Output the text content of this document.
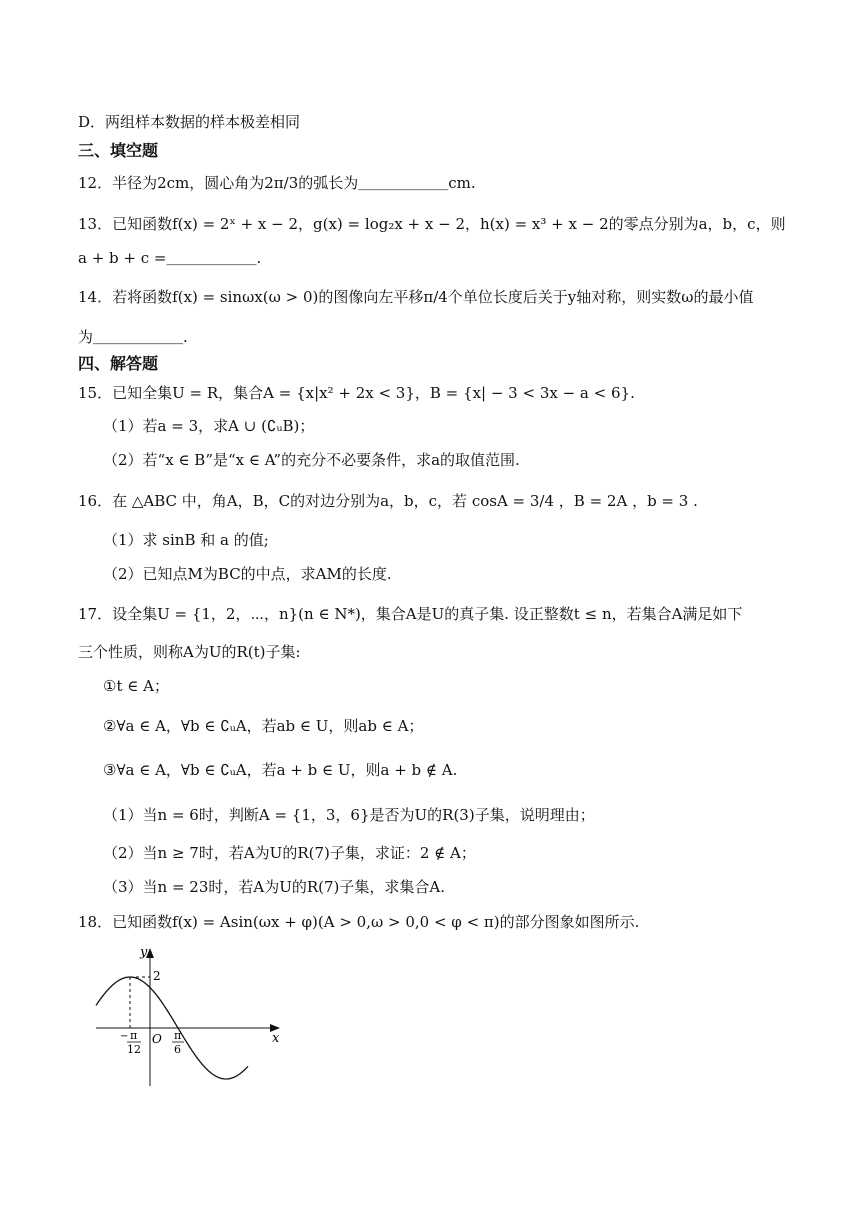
D．两组样本数据的样本极差相同
三、填空题
12．半径为2cm，圆心角为2π/3的弧长为＿＿＿＿＿＿cm.
13．已知函数f(x) = 2ˣ + x − 2，g(x) = log₂x + x − 2，h(x) = x³ + x − 2的零点分别为a，b，c，则
a + b + c =＿＿＿＿＿＿.
14．若将函数f(x) = sinωx(ω > 0)的图像向左平移π/4个单位长度后关于y轴对称，则实数ω的最小值
为＿＿＿＿＿＿.
四、解答题
15．已知全集U = R，集合A = {x|x² + 2x < 3}，B = {x| − 3 < 3x − a < 6}.
（1）若a = 3，求A ∪ (∁ᵤB)；
（2）若“x ∈ B”是“x ∈ A”的充分不必要条件，求a的取值范围.
16．在 △ABC 中，角A，B，C的对边分别为a，b，c，若 cosA = 3/4 ，B = 2A ，b = 3 .
（1）求 sinB 和 a 的值;
（2）已知点M为BC的中点，求AM的长度.
17．设全集U = {1，2，⋯，n}(n ∈ N*)，集合A是U的真子集. 设正整数t ≤ n，若集合A满足如下
三个性质，则称A为U的R(t)子集:
①t ∈ A；
②∀a ∈ A，∀b ∈ ∁ᵤA，若ab ∈ U，则ab ∈ A；
③∀a ∈ A，∀b ∈ ∁ᵤA，若a + b ∈ U，则a + b ∉ A.
（1）当n = 6时，判断A = {1，3，6}是否为U的R(3)子集，说明理由；
（2）当n ≥ 7时，若A为U的R(7)子集，求证：2 ∉ A；
（3）当n = 23时，若A为U的R(7)子集，求集合A.
18．已知函数f(x) = Asin(ωx + φ)(A > 0,ω > 0,0 < φ < π)的部分图象如图所示.
y
x
O
2
− π
12
π
6
